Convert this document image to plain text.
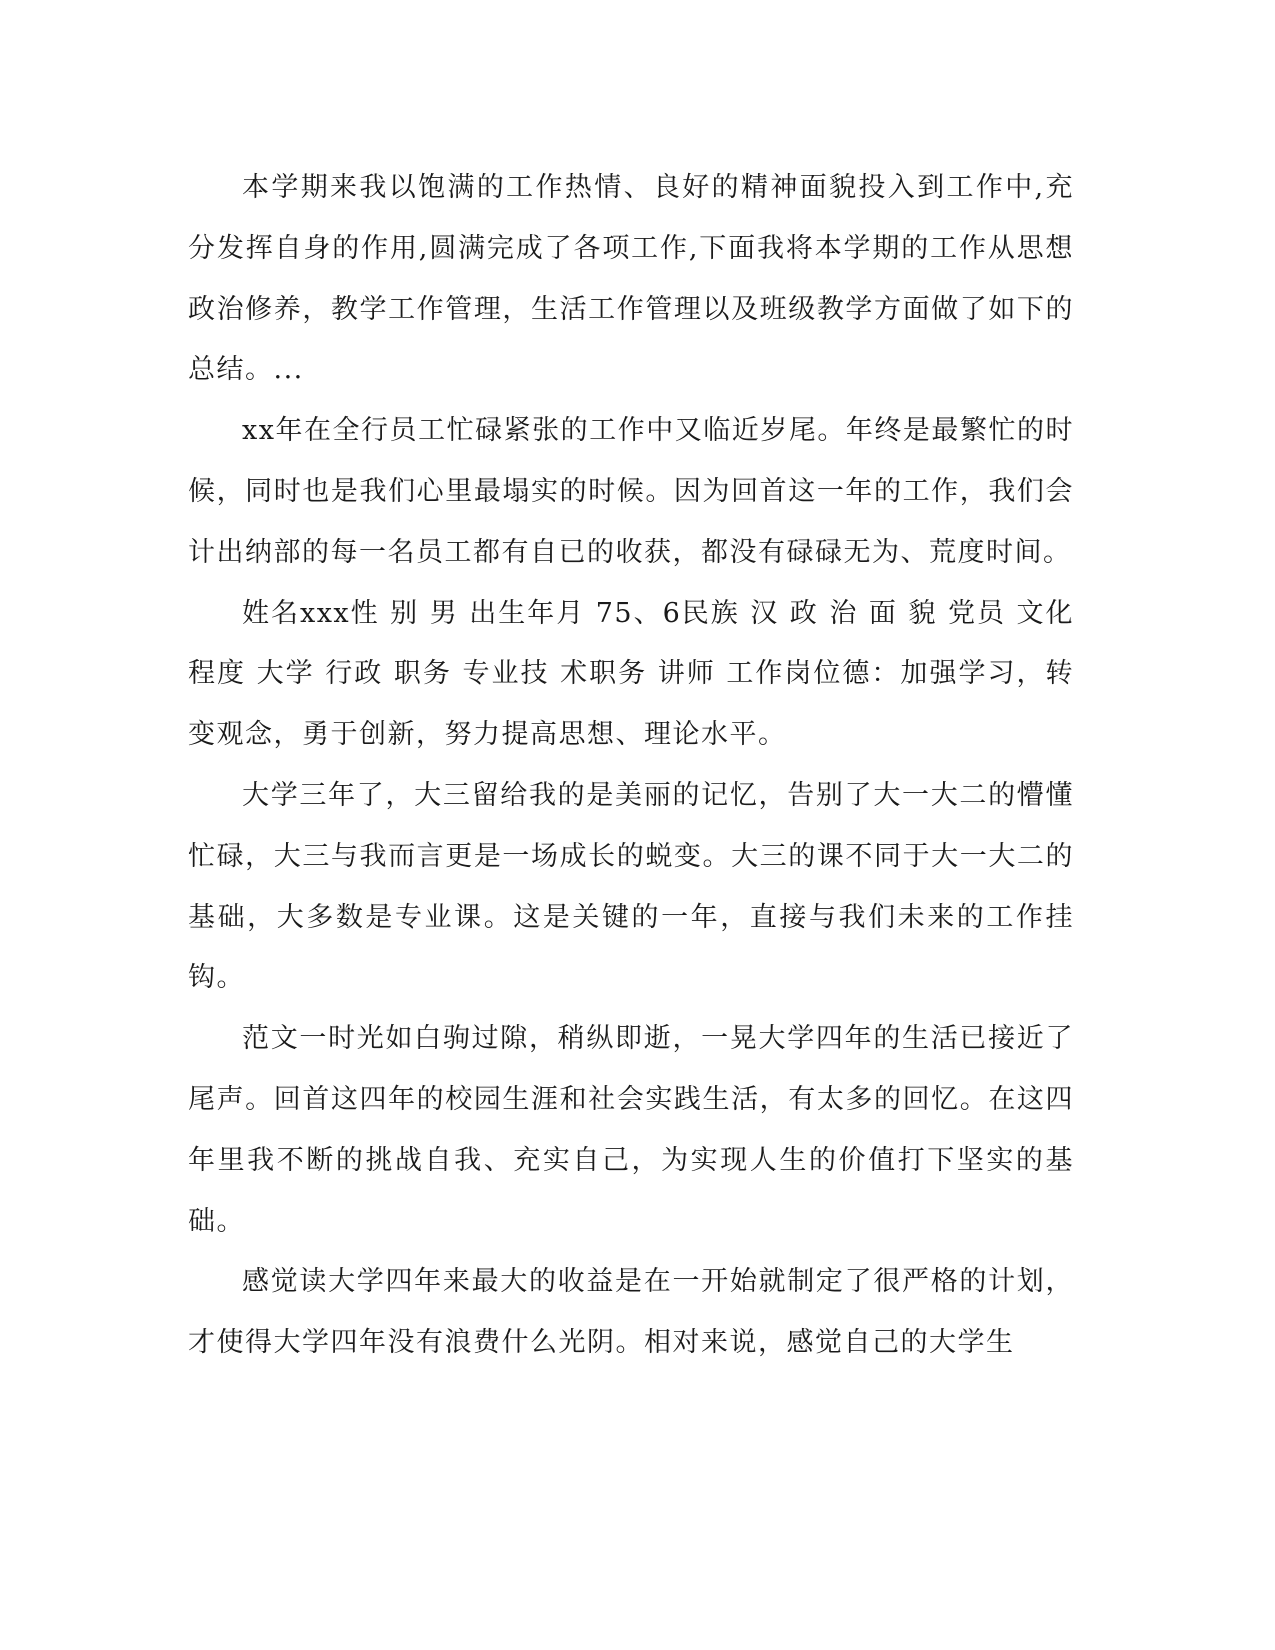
本学期来我以饱满的工作热情、良好的精神面貌投入到工作中,充分发挥自身的作用,圆满完成了各项工作,下面我将本学期的工作从思想政治修养，教学工作管理，生活工作管理以及班级教学方面做了如下的总结。...

xx年在全行员工忙碌紧张的工作中又临近岁尾。年终是最繁忙的时候，同时也是我们心里最塌实的时候。因为回首这一年的工作，我们会计出纳部的每一名员工都有自已的收获，都没有碌碌无为、荒度时间。

姓名xxx性 别 男 出生年月 75、6民族 汉 政 治 面 貌 党员 文化程度 大学 行政 职务 专业技 术职务 讲师 工作岗位德：加强学习，转变观念，勇于创新，努力提高思想、理论水平。

大学三年了，大三留给我的是美丽的记忆，告别了大一大二的懵懂忙碌，大三与我而言更是一场成长的蜕变。大三的课不同于大一大二的基础，大多数是专业课。这是关键的一年，直接与我们未来的工作挂钩。

范文一时光如白驹过隙，稍纵即逝，一晃大学四年的生活已接近了尾声。回首这四年的校园生涯和社会实践生活，有太多的回忆。在这四年里我不断的挑战自我、充实自己，为实现人生的价值打下坚实的基础。

感觉读大学四年来最大的收益是在一开始就制定了很严格的计划，才使得大学四年没有浪费什么光阴。相对来说，感觉自己的大学生
